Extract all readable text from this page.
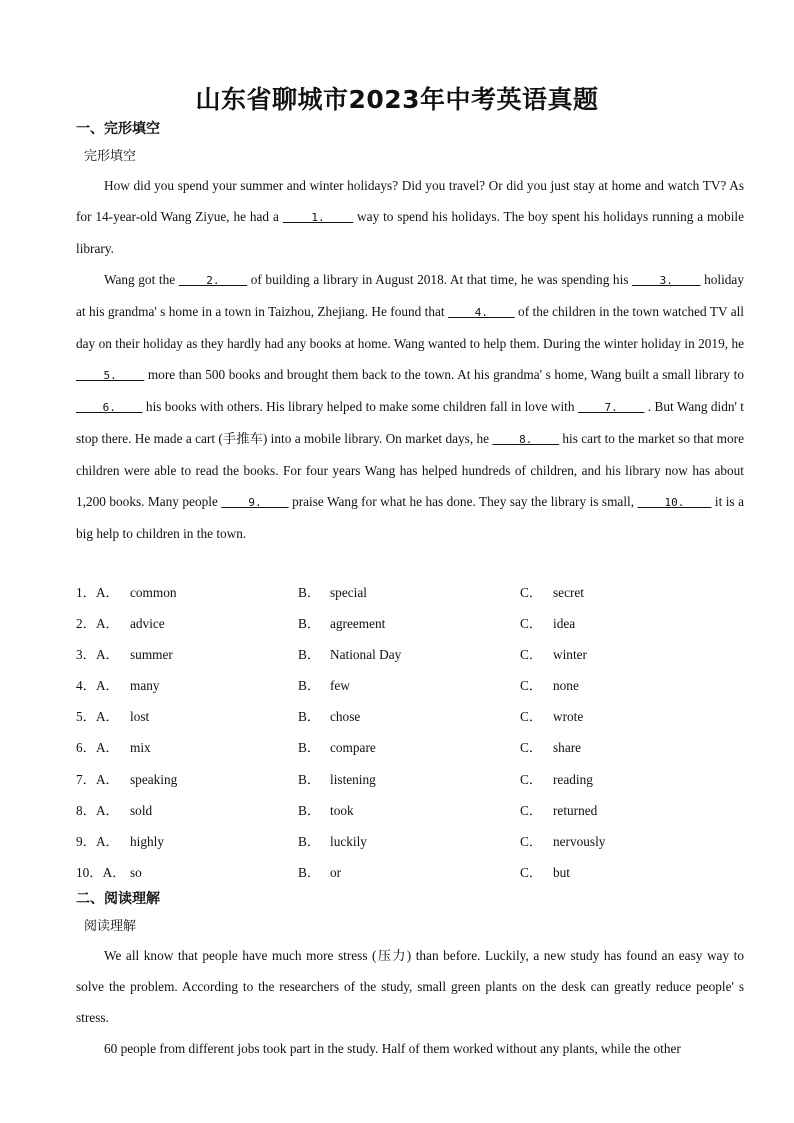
山东省聊城市2023年中考英语真题
一、完形填空
完形填空

How did you spend your summer and winter holidays? Did you travel? Or did you just stay at home and watch TV? As for 14-year-old Wang Ziyue, he had a     1.     way to spend his holidays. The boy spent his holidays running a mobile library.

Wang got the     2.     of building a library in August 2018. At that time, he was spending his     3.     holiday at his grandma' s home in a town in Taizhou, Zhejiang. He found that     4.     of the children in the town watched TV all day on their holiday as they hardly had any books at home. Wang wanted to help them. During the winter holiday in 2019, he     5.     more than 500 books and brought them back to the town. At his grandma' s home, Wang built a small library to     6.     his books with others. His library helped to make some children fall in love with     7.     . But Wang didn' t stop there. He made a cart (手推车) into a mobile library. On market days, he     8.     his cart to the market so that more children were able to read the books. For four years Wang has helped hundreds of children, and his library now has about 1,200 books. Many people     9.     praise Wang for what he has done. They say the library is small,     10.     it is a big help to children in the town.

1．A． common	B． special	C． secret
2．A． advice	B． agreement	C． idea
3．A． summer	B． National Day	C． winter
4．A． many	B． few	C． none
5．A． lost	B． chose	C． wrote
6．A． mix	B． compare	C． share
7．A． speaking	B． listening	C． reading
8．A． sold	B． took	C． returned
9．A． highly	B． luckily	C． nervously
10．A． so	B． or	C． but
二、阅读理解
阅读理解

We all know that people have much more stress (压力) than before. Luckily, a new study has found an easy way to solve the problem. According to the researchers of the study, small green plants on the desk can greatly reduce people' s stress.

60 people from different jobs took part in the study. Half of them worked without any plants, while the other
